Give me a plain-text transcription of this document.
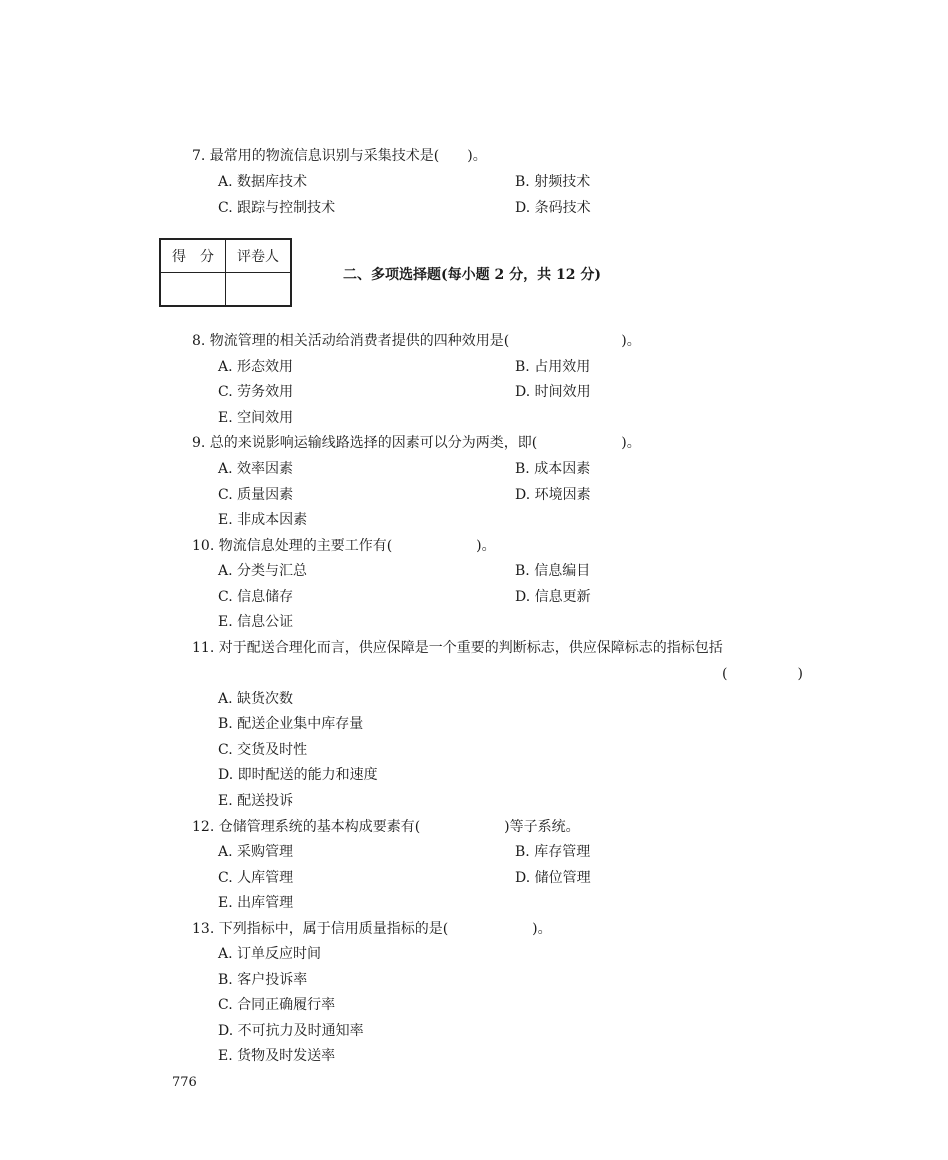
7. 最常用的物流信息识别与采集技术是(　　)。
A. 数据库技术	B. 射频技术
C. 跟踪与控制技术	D. 条码技术
得　分	评卷人

二、多项选择题(每小题 2 分，共 12 分)
8. 物流管理的相关活动给消费者提供的四种效用是(　　　　　　　　)。
A. 形态效用	B. 占用效用
C. 劳务效用	D. 时间效用
E. 空间效用
9. 总的来说影响运输线路选择的因素可以分为两类，即(　　　　　　)。
A. 效率因素	B. 成本因素
C. 质量因素	D. 环境因素
E. 非成本因素
10. 物流信息处理的主要工作有(　　　　　　)。
A. 分类与汇总	B. 信息编目
C. 信息储存	D. 信息更新
E. 信息公证
11. 对于配送合理化而言，供应保障是一个重要的判断标志，供应保障标志的指标包括
(　　　　　)
A. 缺货次数
B. 配送企业集中库存量
C. 交货及时性
D. 即时配送的能力和速度
E. 配送投诉
12. 仓储管理系统的基本构成要素有(　　　　　　)等子系统。
A. 采购管理	B. 库存管理
C. 人库管理	D. 储位管理
E. 出库管理
13. 下列指标中，属于信用质量指标的是(　　　　　　)。
A. 订单反应时间
B. 客户投诉率
C. 合同正确履行率
D. 不可抗力及时通知率
E. 货物及时发送率
776
